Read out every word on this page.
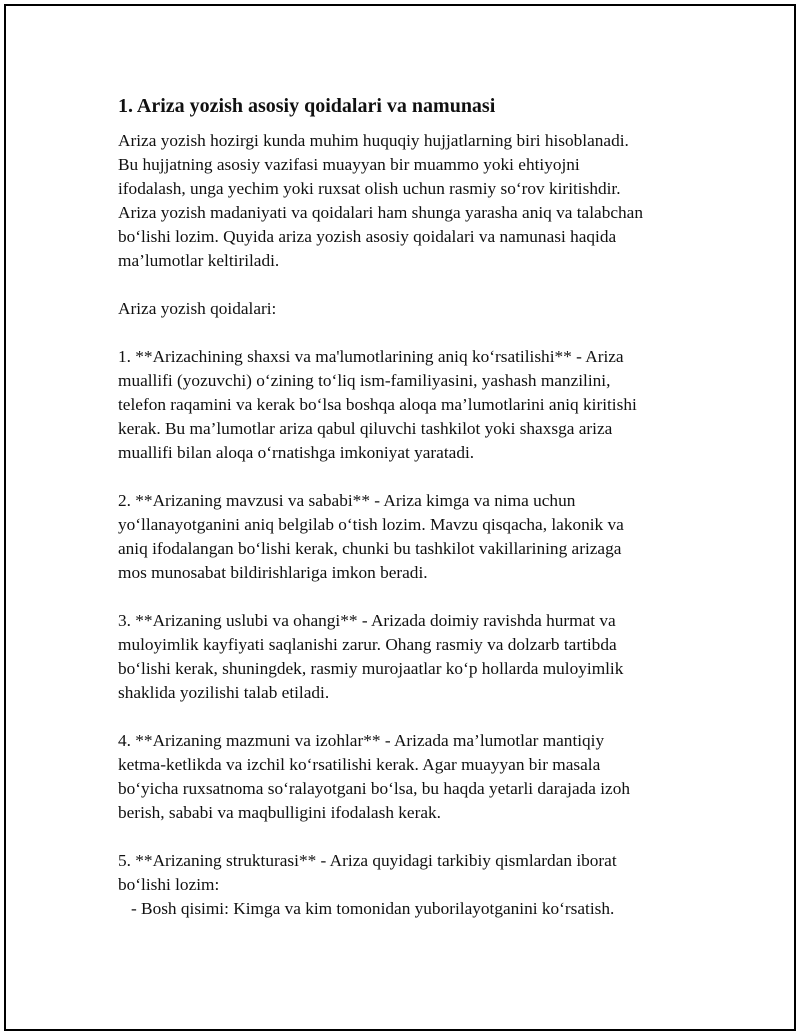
1. Ariza yozish asosiy qoidalari va namunasi
Ariza yozish hozirgi kunda muhim huquqiy hujjatlarning biri hisoblanadi.
Bu hujjatning asosiy vazifasi muayyan bir muammo yoki ehtiyojni
ifodalash, unga yechim yoki ruxsat olish uchun rasmiy so‘rov kiritishdir.
Ariza yozish madaniyati va qoidalari ham shunga yarasha aniq va talabchan
bo‘lishi lozim. Quyida ariza yozish asosiy qoidalari va namunasi haqida
ma’lumotlar keltiriladi.
Ariza yozish qoidalari:
1. **Arizachining shaxsi va ma'lumotlarining aniq ko‘rsatilishi** - Ariza
muallifi (yozuvchi) o‘zining to‘liq ism-familiyasini, yashash manzilini,
telefon raqamini va kerak bo‘lsa boshqa aloqa ma’lumotlarini aniq kiritishi
kerak. Bu ma’lumotlar ariza qabul qiluvchi tashkilot yoki shaxsga ariza
muallifi bilan aloqa o‘rnatishga imkoniyat yaratadi.
2. **Arizaning mavzusi va sababi** - Ariza kimga va nima uchun
yo‘llanayotganini aniq belgilab o‘tish lozim. Mavzu qisqacha, lakonik va
aniq ifodalangan bo‘lishi kerak, chunki bu tashkilot vakillarining arizaga
mos munosabat bildirishlariga imkon beradi.
3. **Arizaning uslubi va ohangi** - Arizada doimiy ravishda hurmat va
muloyimlik kayfiyati saqlanishi zarur. Ohang rasmiy va dolzarb tartibda
bo‘lishi kerak, shuningdek, rasmiy murojaatlar ko‘p hollarda muloyimlik
shaklida yozilishi talab etiladi.
4. **Arizaning mazmuni va izohlar** - Arizada ma’lumotlar mantiqiy
ketma-ketlikda va izchil ko‘rsatilishi kerak. Agar muayyan bir masala
bo‘yicha ruxsatnoma so‘ralayotgani bo‘lsa, bu haqda yetarli darajada izoh
berish, sababi va maqbulligini ifodalash kerak.
5. **Arizaning strukturasi** - Ariza quyidagi tarkibiy qismlardan iborat
bo‘lishi lozim:
- Bosh qisimi: Kimga va kim tomonidan yuborilayotganini ko‘rsatish.
